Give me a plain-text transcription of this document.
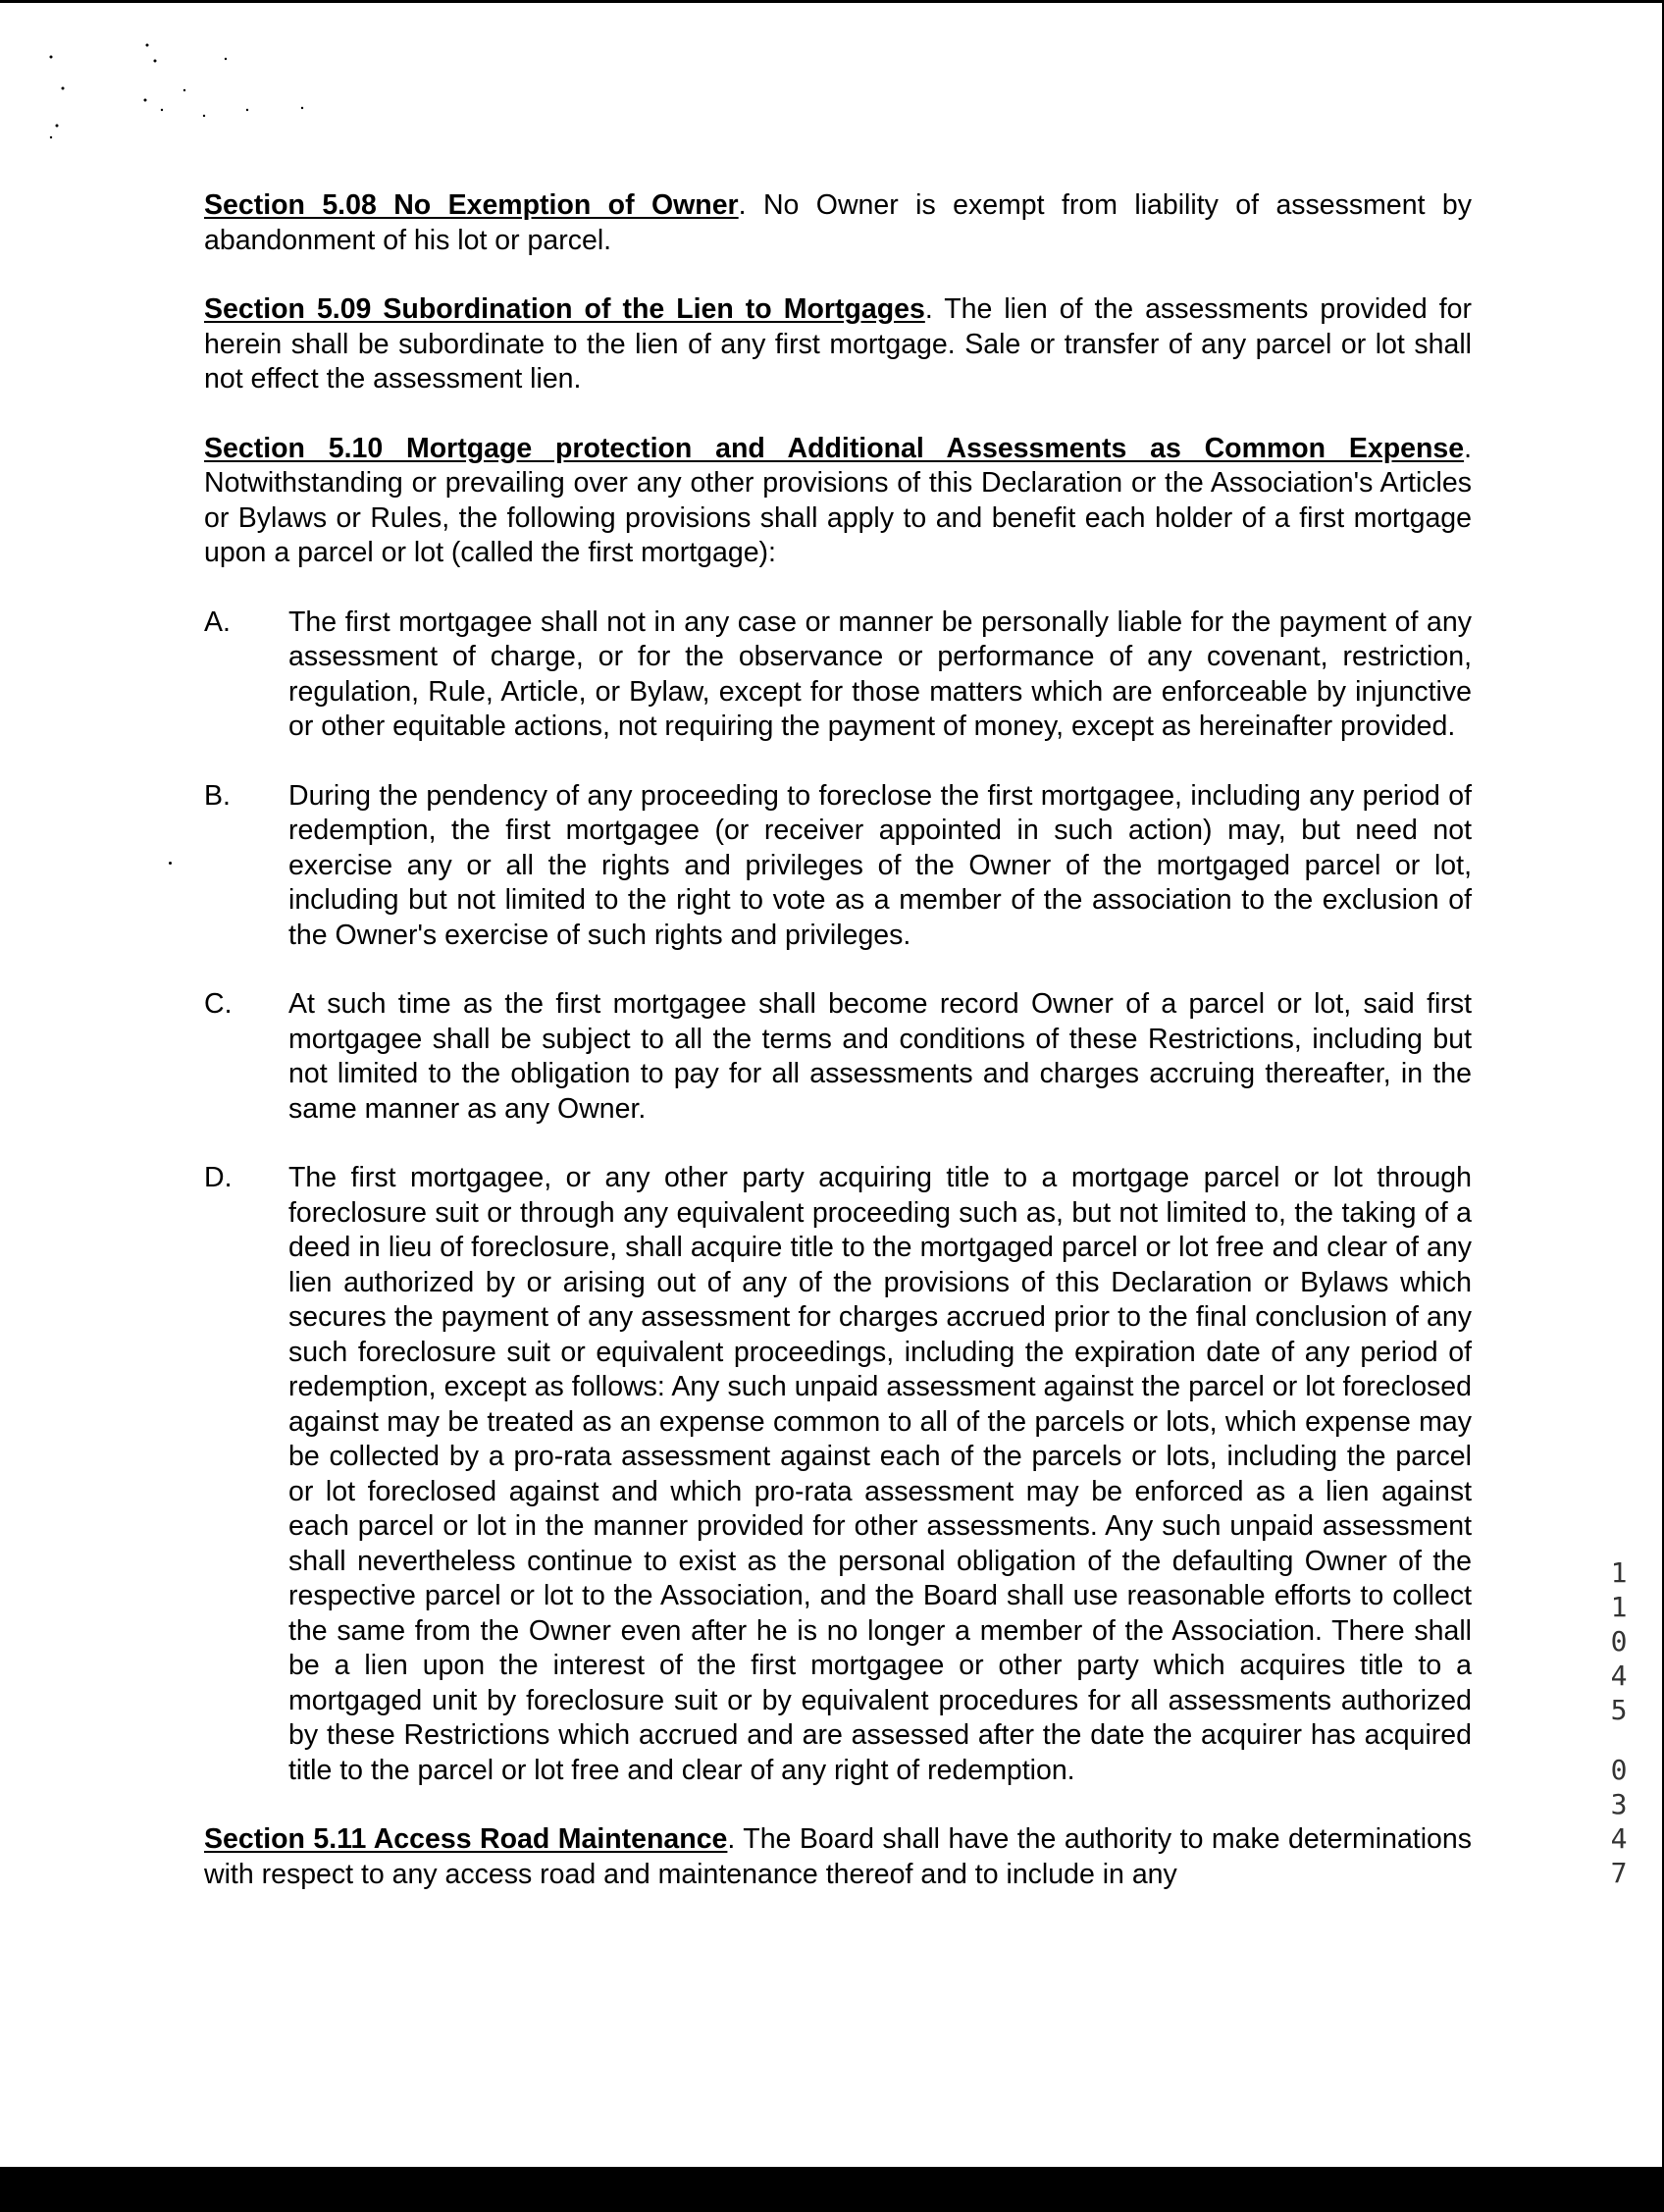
Section 5.08 No Exemption of Owner. No Owner is exempt from liability of assessment by abandonment of his lot or parcel.

Section 5.09 Subordination of the Lien to Mortgages. The lien of the assessments provided for herein shall be subordinate to the lien of any first mortgage. Sale or transfer of any parcel or lot shall not effect the assessment lien.

Section 5.10 Mortgage protection and Additional Assessments as Common Expense. Notwithstanding or prevailing over any other provisions of this Declaration or the Association's Articles or Bylaws or Rules, the following provisions shall apply to and benefit each holder of a first mortgage upon a parcel or lot (called the first mortgage):

A. The first mortgagee shall not in any case or manner be personally liable for the payment of any assessment of charge, or for the observance or performance of any covenant, restriction, regulation, Rule, Article, or Bylaw, except for those matters which are enforceable by injunctive or other equitable actions, not requiring the payment of money, except as hereinafter provided.
B. During the pendency of any proceeding to foreclose the first mortgagee, including any period of redemption, the first mortgagee (or receiver appointed in such action) may, but need not exercise any or all the rights and privileges of the Owner of the mortgaged parcel or lot, including but not limited to the right to vote as a member of the association to the exclusion of the Owner's exercise of such rights and privileges.
C. At such time as the first mortgagee shall become record Owner of a parcel or lot, said first mortgagee shall be subject to all the terms and conditions of these Restrictions, including but not limited to the obligation to pay for all assessments and charges accruing thereafter, in the same manner as any Owner.
D. The first mortgagee, or any other party acquiring title to a mortgage parcel or lot through foreclosure suit or through any equivalent proceeding such as, but not limited to, the taking of a deed in lieu of foreclosure, shall acquire title to the mortgaged parcel or lot free and clear of any lien authorized by or arising out of any of the provisions of this Declaration or Bylaws which secures the payment of any assessment for charges accrued prior to the final conclusion of any such foreclosure suit or equivalent proceedings, including the expiration date of any period of redemption, except as follows: Any such unpaid assessment against the parcel or lot foreclosed against may be treated as an expense common to all of the parcels or lots, which expense may be collected by a pro-rata assessment against each of the parcels or lots, including the parcel or lot foreclosed against and which pro-rata assessment may be enforced as a lien against each parcel or lot in the manner provided for other assessments. Any such unpaid assessment shall nevertheless continue to exist as the personal obligation of the defaulting Owner of the respective parcel or lot to the Association, and the Board shall use reasonable efforts to collect the same from the Owner even after he is no longer a member of the Association. There shall be a lien upon the interest of the first mortgagee or other party which acquires title to a mortgaged unit by foreclosure suit or by equivalent procedures for all assessments authorized by these Restrictions which accrued and are assessed after the date the acquirer has acquired title to the parcel or lot free and clear of any right of redemption.

Section 5.11 Access Road Maintenance. The Board shall have the authority to make determinations with respect to any access road and maintenance thereof and to include in any

1
1
0
4
5
0
3
4
7
